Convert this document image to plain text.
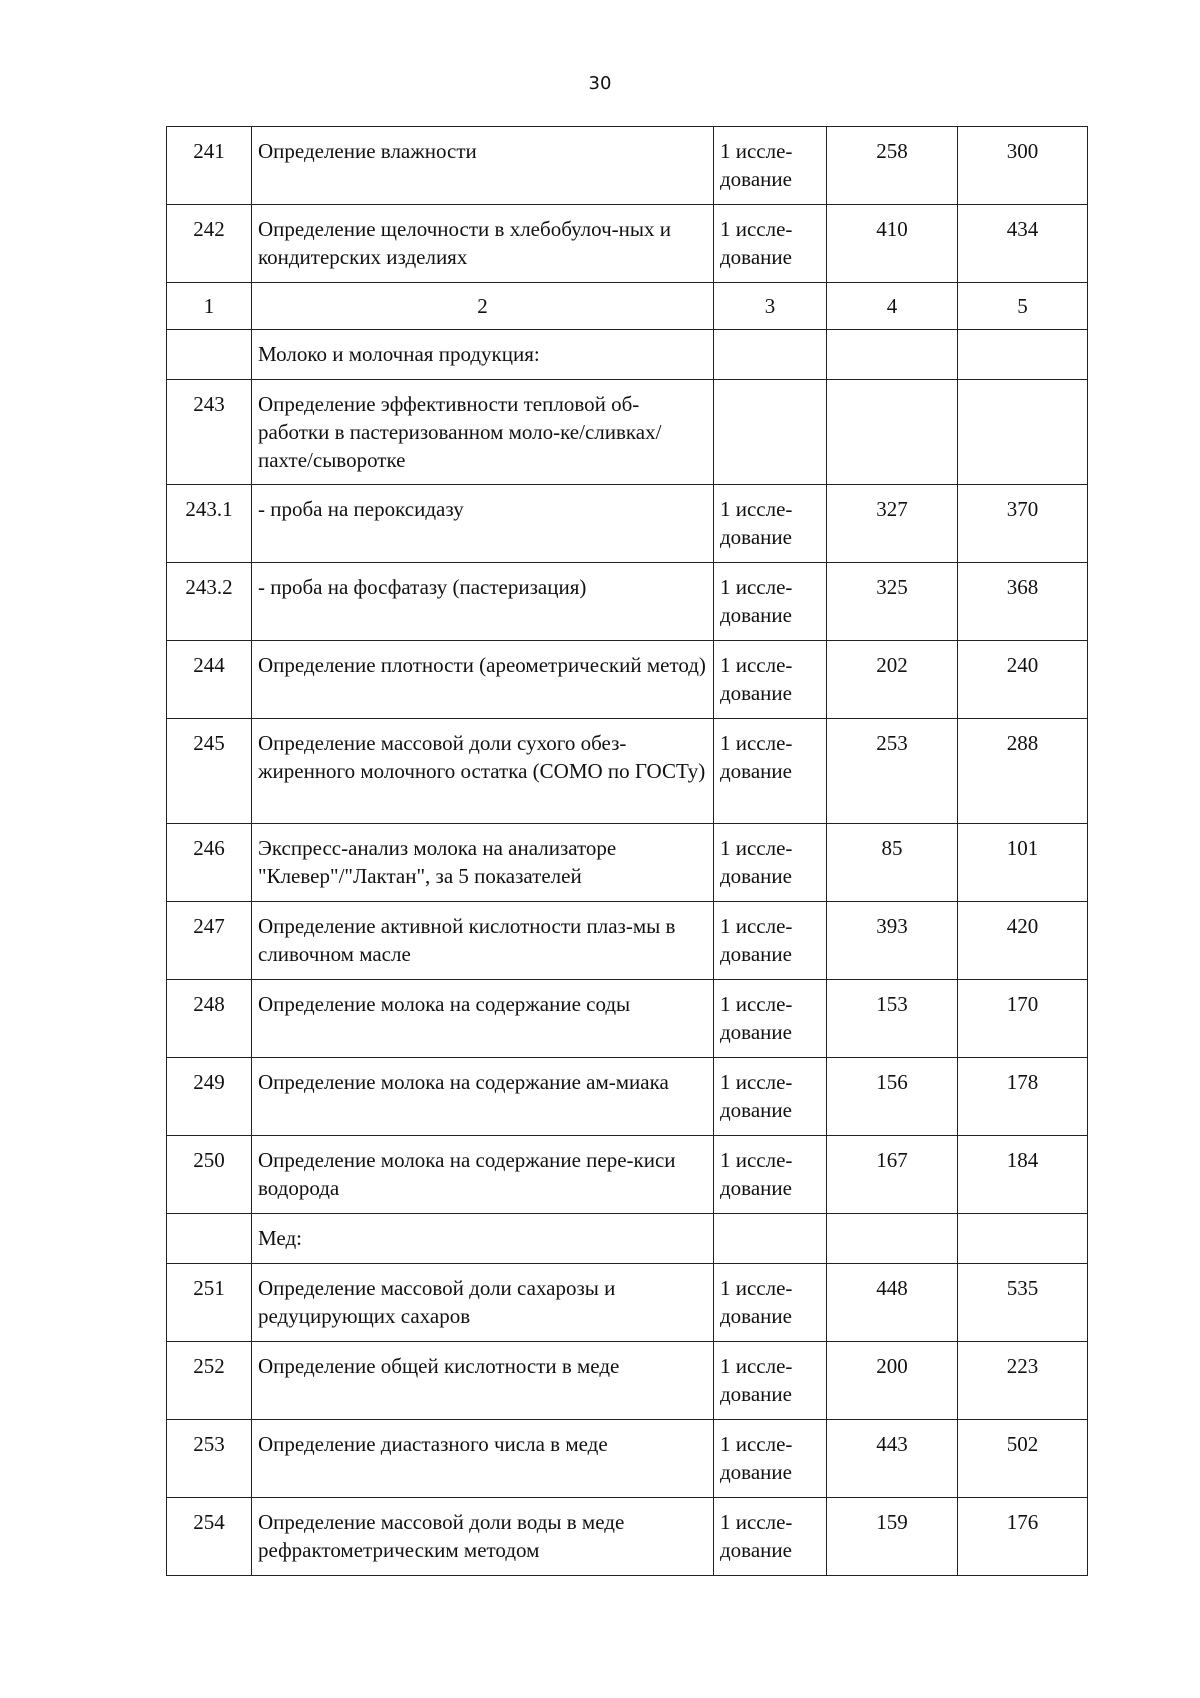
30
241	Определение влажности	1 иссле-дование	258	300
242	Определение щелочности в хлебобулоч-ных и кондитерских изделиях	1 иссле-дование	410	434
1	2	3	4	5
	Молоко и молочная продукция:			
243	Определение эффективности тепловой об-работки в пастеризованном моло-ке/сливках/пахте/сыворотке			
243.1	- проба на пероксидазу	1 иссле-дование	327	370
243.2	- проба на фосфатазу (пастеризация)	1 иссле-дование	325	368
244	Определение плотности (ареометрический метод)	1 иссле-дование	202	240
245	Определение массовой доли сухого обез-жиренного молочного остатка (СОМО по ГОСТу)	1 иссле-дование	253	288
246	Экспресс-анализ молока на анализаторе "Клевер"/"Лактан", за 5 показателей	1 иссле-дование	85	101
247	Определение активной кислотности плаз-мы в сливочном масле	1 иссле-дование	393	420
248	Определение молока на содержание соды	1 иссле-дование	153	170
249	Определение молока на содержание ам-миака	1 иссле-дование	156	178
250	Определение молока на содержание пере-киси водорода	1 иссле-дование	167	184
	Мед:			
251	Определение массовой доли сахарозы и редуцирующих сахаров	1 иссле-дование	448	535
252	Определение общей кислотности в меде	1 иссле-дование	200	223
253	Определение диастазного числа в меде	1 иссле-дование	443	502
254	Определение массовой доли воды в меде рефрактометрическим методом	1 иссле-дование	159	176
